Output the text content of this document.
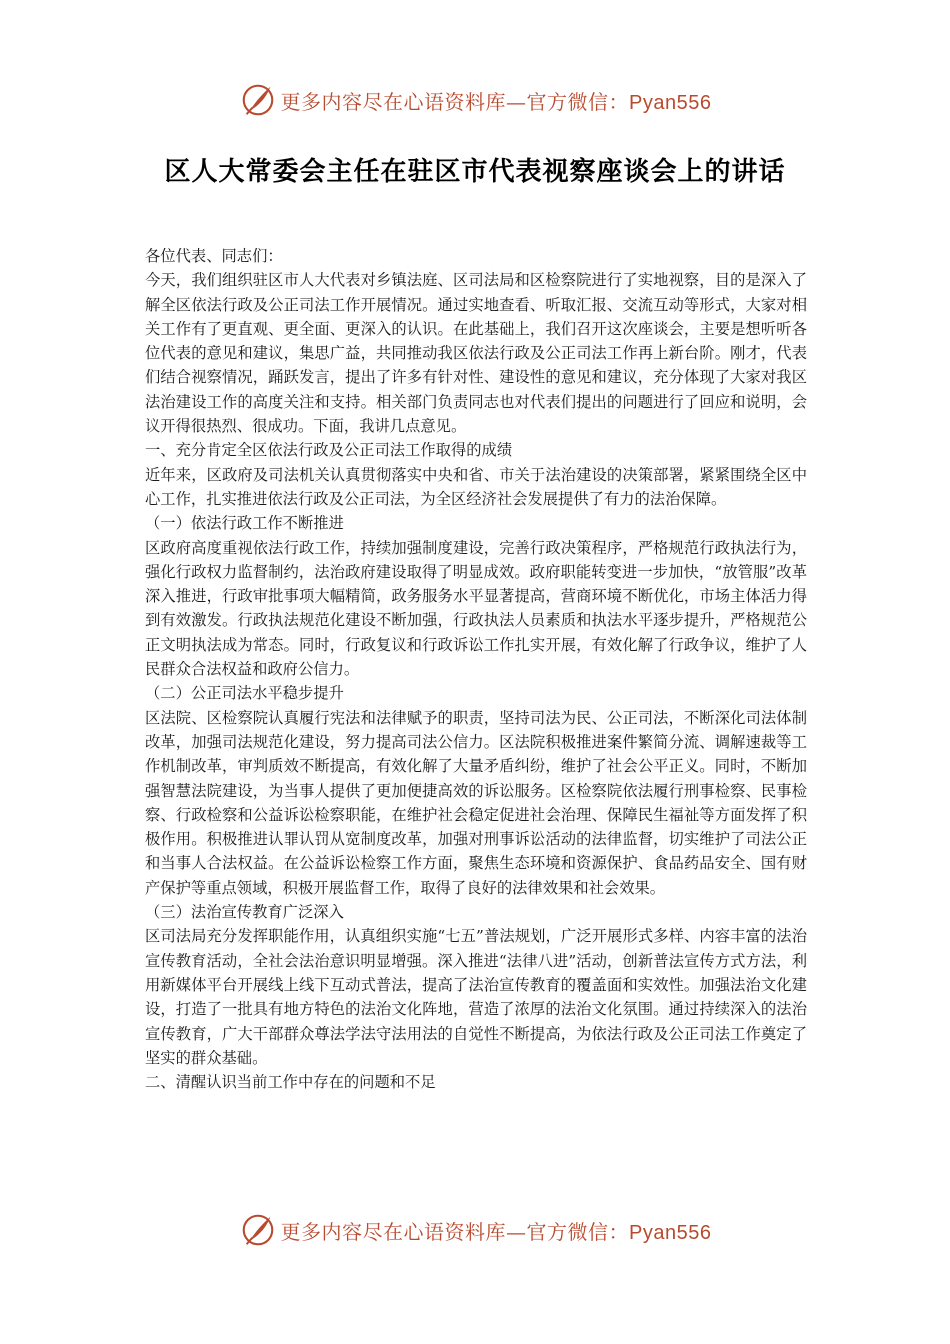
更多内容尽在心语资料库—官方微信：Pyan556
区人大常委会主任在驻区市代表视察座谈会上的讲话

各位代表、同志们：

今天，我们组织驻区市人大代表对乡镇法庭、区司法局和区检察院进行了实地视察，目的是深入了解全区依法行政及公正司法工作开展情况。通过实地查看、听取汇报、交流互动等形式，大家对相关工作有了更直观、更全面、更深入的认识。在此基础上，我们召开这次座谈会，主要是想听听各位代表的意见和建议，集思广益，共同推动我区依法行政及公正司法工作再上新台阶。刚才，代表们结合视察情况，踊跃发言，提出了许多有针对性、建设性的意见和建议，充分体现了大家对我区法治建设工作的高度关注和支持。相关部门负责同志也对代表们提出的问题进行了回应和说明，会议开得很热烈、很成功。下面，我讲几点意见。

一、充分肯定全区依法行政及公正司法工作取得的成绩

近年来，区政府及司法机关认真贯彻落实中央和省、市关于法治建设的决策部署，紧紧围绕全区中心工作，扎实推进依法行政及公正司法，为全区经济社会发展提供了有力的法治保障。

（一）依法行政工作不断推进

区政府高度重视依法行政工作，持续加强制度建设，完善行政决策程序，严格规范行政执法行为，强化行政权力监督制约，法治政府建设取得了明显成效。政府职能转变进一步加快，“放管服”改革深入推进，行政审批事项大幅精简，政务服务水平显著提高，营商环境不断优化，市场主体活力得到有效激发。行政执法规范化建设不断加强，行政执法人员素质和执法水平逐步提升，严格规范公正文明执法成为常态。同时，行政复议和行政诉讼工作扎实开展，有效化解了行政争议，维护了人民群众合法权益和政府公信力。

（二）公正司法水平稳步提升

区法院、区检察院认真履行宪法和法律赋予的职责，坚持司法为民、公正司法，不断深化司法体制改革，加强司法规范化建设，努力提高司法公信力。区法院积极推进案件繁简分流、调解速裁等工作机制改革，审判质效不断提高，有效化解了大量矛盾纠纷，维护了社会公平正义。同时，不断加强智慧法院建设，为当事人提供了更加便捷高效的诉讼服务。区检察院依法履行刑事检察、民事检察、行政检察和公益诉讼检察职能，在维护社会稳定促进社会治理、保障民生福祉等方面发挥了积极作用。积极推进认罪认罚从宽制度改革，加强对刑事诉讼活动的法律监督，切实维护了司法公正和当事人合法权益。在公益诉讼检察工作方面，聚焦生态环境和资源保护、食品药品安全、国有财产保护等重点领域，积极开展监督工作，取得了良好的法律效果和社会效果。

（三）法治宣传教育广泛深入

区司法局充分发挥职能作用，认真组织实施“七五”普法规划，广泛开展形式多样、内容丰富的法治宣传教育活动，全社会法治意识明显增强。深入推进“法律八进”活动，创新普法宣传方式方法，利用新媒体平台开展线上线下互动式普法，提高了法治宣传教育的覆盖面和实效性。加强法治文化建设，打造了一批具有地方特色的法治文化阵地，营造了浓厚的法治文化氛围。通过持续深入的法治宣传教育，广大干部群众尊法学法守法用法的自觉性不断提高，为依法行政及公正司法工作奠定了坚实的群众基础。

二、清醒认识当前工作中存在的问题和不足

更多内容尽在心语资料库—官方微信：Pyan556
